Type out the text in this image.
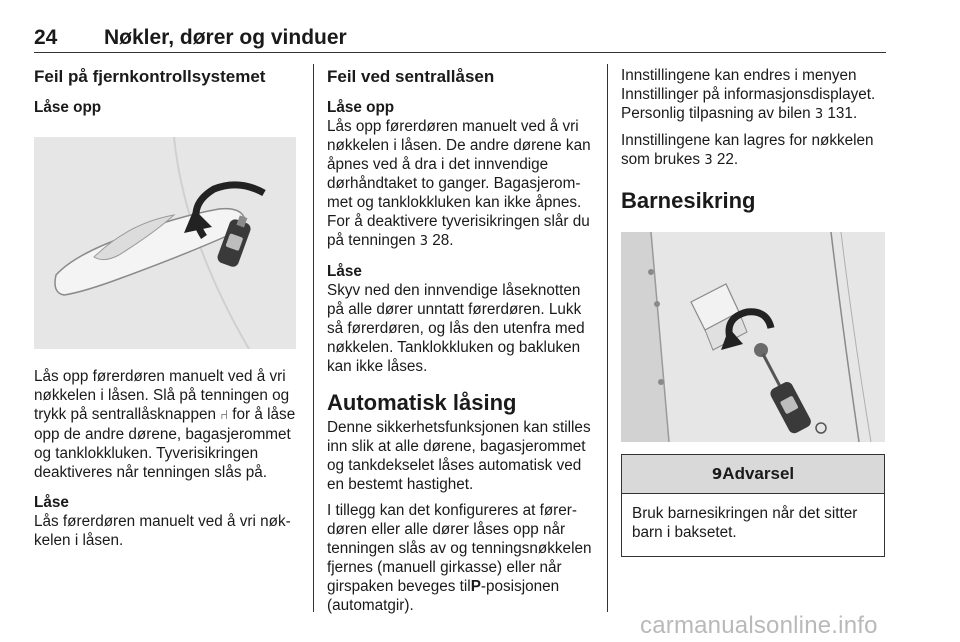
24 Nøkler, dører og vinduer

Feil på fjernkontrollsystemet

Låse opp

Lås opp førerdøren manuelt ved å vri nøkkelen i låsen. Slå på tenningen og trykk på sentrallåsknappen ⑁ for å låse opp de andre dørene, bagasjerommet og tanklokkluken. Tyverisikringen deaktiveres når tenningen slås på.

Låse

Lås førerdøren manuelt ved å vri nøkkelen i låsen.

Feil ved sentrallåsen

Låse opp

Lås opp førerdøren manuelt ved å vri nøkkelen i låsen. De andre dørene kan åpnes ved å dra i det innvendige dørhåndtaket to ganger. Bagasjerommet og tanklokkluken kan ikke åpnes. For å deaktivere tyverisikringen slår du på tenningen 3 28.

Låse

Skyv ned den innvendige låseknotten på alle dører unntatt førerdøren. Lukk så førerdøren, og lås den utenfra med nøkkelen. Tanklokkluken og bakluken kan ikke låses.

Automatisk låsing

Denne sikkerhetsfunksjonen kan stilles inn slik at alle dørene, bagasjerommet og tankdekselet låses automatisk ved en bestemt hastighet.

I tillegg kan det konfigureres at førerdøren eller alle dører låses opp når tenningen slås av og tenningsnøkkelen fjernes (manuell girkasse) eller når girspaken beveges tilP-posisjonen (automatgir).

Innstillingene kan endres i menyen Innstillinger på informasjonsdisplayet. Personlig tilpasning av bilen 3 131.

Innstillingene kan lagres for nøkkelen som brukes 3 22.

Barnesikring

9Advarsel
Bruk barnesikringen når det sitter barn i baksetet.
carmanualsonline.info
